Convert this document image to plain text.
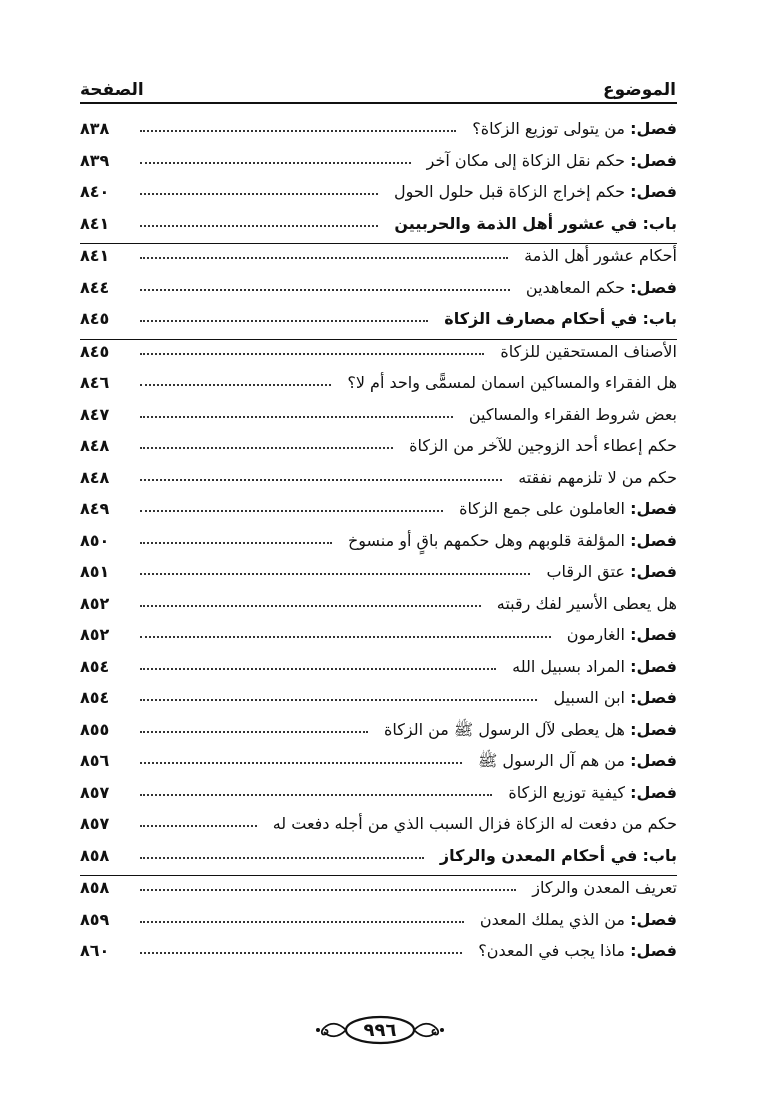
الموضوع
الصفحة
فصل: من يتولى توزيع الزكاة؟
٨٣٨
فصل: حكم نقل الزكاة إلى مكان آخر
٨٣٩
فصل: حكم إخراج الزكاة قبل حلول الحول
٨٤٠
باب: في عشور أهل الذمة والحربيين
٨٤١
أحكام عشور أهل الذمة
٨٤١
فصل: حكم المعاهدين
٨٤٤
باب: في أحكام مصارف الزكاة
٨٤٥
الأصناف المستحقين للزكاة
٨٤٥
هل الفقراء والمساكين اسمان لمسمًّى واحد أم لا؟
٨٤٦
بعض شروط الفقراء والمساكين
٨٤٧
حكم إعطاء أحد الزوجين للآخر من الزكاة
٨٤٨
حكم من لا تلزمهم نفقته
٨٤٨
فصل: العاملون على جمع الزكاة
٨٤٩
فصل: المؤلفة قلوبهم وهل حكمهم باقٍ أو منسوخ
٨٥٠
فصل: عتق الرقاب
٨٥١
هل يعطى الأسير لفك رقبته
٨٥٢
فصل: الغارمون
٨٥٢
فصل: المراد بسبيل الله
٨٥٤
فصل: ابن السبيل
٨٥٤
فصل: هل يعطى لآل الرسول ﷺ من الزكاة
٨٥٥
فصل: من هم آل الرسول ﷺ
٨٥٦
فصل: كيفية توزيع الزكاة
٨٥٧
حكم من دفعت له الزكاة فزال السبب الذي من أجله دفعت له
٨٥٧
باب: في أحكام المعدن والركاز
٨٥٨
تعريف المعدن والركاز
٨٥٨
فصل: من الذي يملك المعدن
٨٥٩
فصل: ماذا يجب في المعدن؟
٨٦٠
٩٩٦
